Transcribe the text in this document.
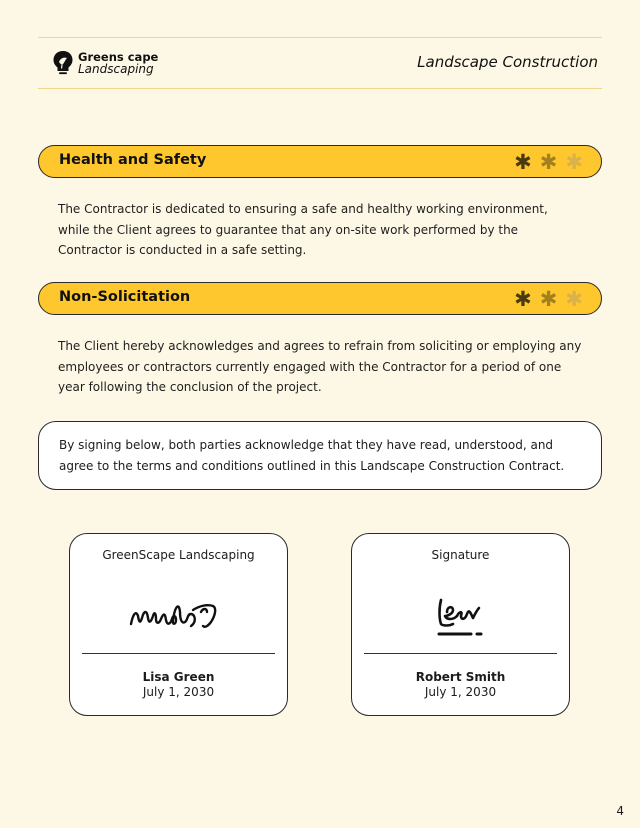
Greens cape
Landscaping	Landscape Construction
Health and Safety	✱ ✱ ✱
The Contractor is dedicated to ensuring a safe and healthy working environment, while the Client agrees to guarantee that any on-site work performed by the Contractor is conducted in a safe setting.
Non-Solicitation	✱ ✱ ✱
The Client hereby acknowledges and agrees to refrain from soliciting or employing any employees or contractors currently engaged with the Contractor for a period of one year following the conclusion of the project.
By signing below, both parties acknowledge that they have read, understood, and agree to the terms and conditions outlined in this Landscape Construction Contract.
GreenScape Landscaping
Lisa Green
July 1, 2030
Signature
Robert Smith
July 1, 2030
4
